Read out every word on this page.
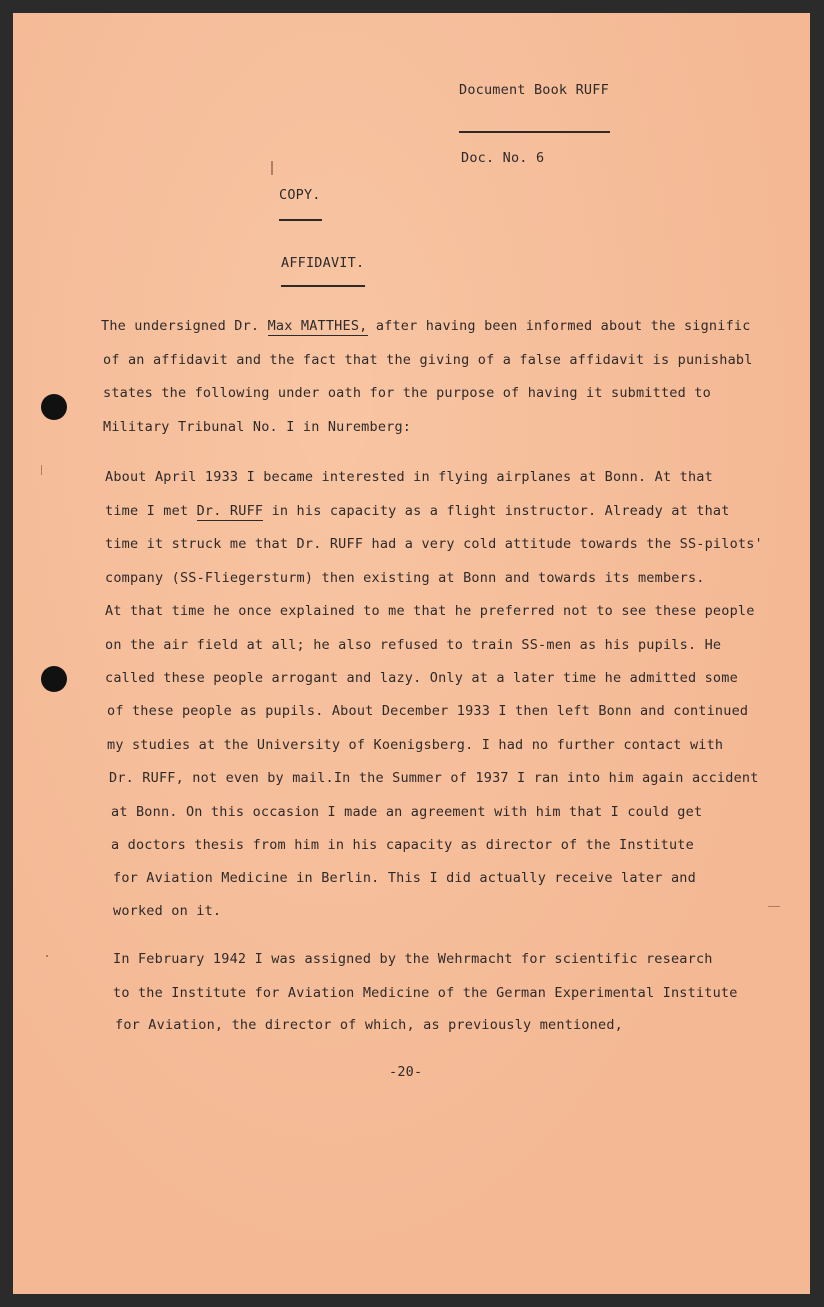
Document Book RUFF
Doc. No. 6
COPY.
AFFIDAVIT.
The undersigned Dr. Max MATTHES, after having been informed about the signific
of an affidavit and the fact that the giving of a false affidavit is punishabl
states the following under oath for the purpose of having it submitted to
Military Tribunal No. I in Nuremberg:
About April 1933 I became interested in flying airplanes at Bonn. At that
time I met Dr. RUFF in his capacity as a flight instructor. Already at that
time it struck me that Dr. RUFF had a very cold attitude towards the SS-pilots'
company (SS-Fliegersturm) then existing at Bonn and towards its members.
At that time he once explained to me that he preferred not to see these people
on the air field at all; he also refused to train SS-men as his pupils. He
called these people arrogant and lazy. Only at a later time he admitted some
of these people as pupils. About December 1933 I then left Bonn and continued
my studies at the University of Koenigsberg. I had no further contact with
Dr. RUFF, not even by mail.In the Summer of 1937 I ran into him again accident
at Bonn. On this occasion I made an agreement with him that I could get
a doctors thesis from him in his capacity as director of the Institute
for Aviation Medicine in Berlin. This I did actually receive later and
worked on it.
In February 1942 I was assigned by the Wehrmacht for scientific research
to the Institute for Aviation Medicine of the German Experimental Institute
for Aviation, the director of which, as previously mentioned,
-20-
